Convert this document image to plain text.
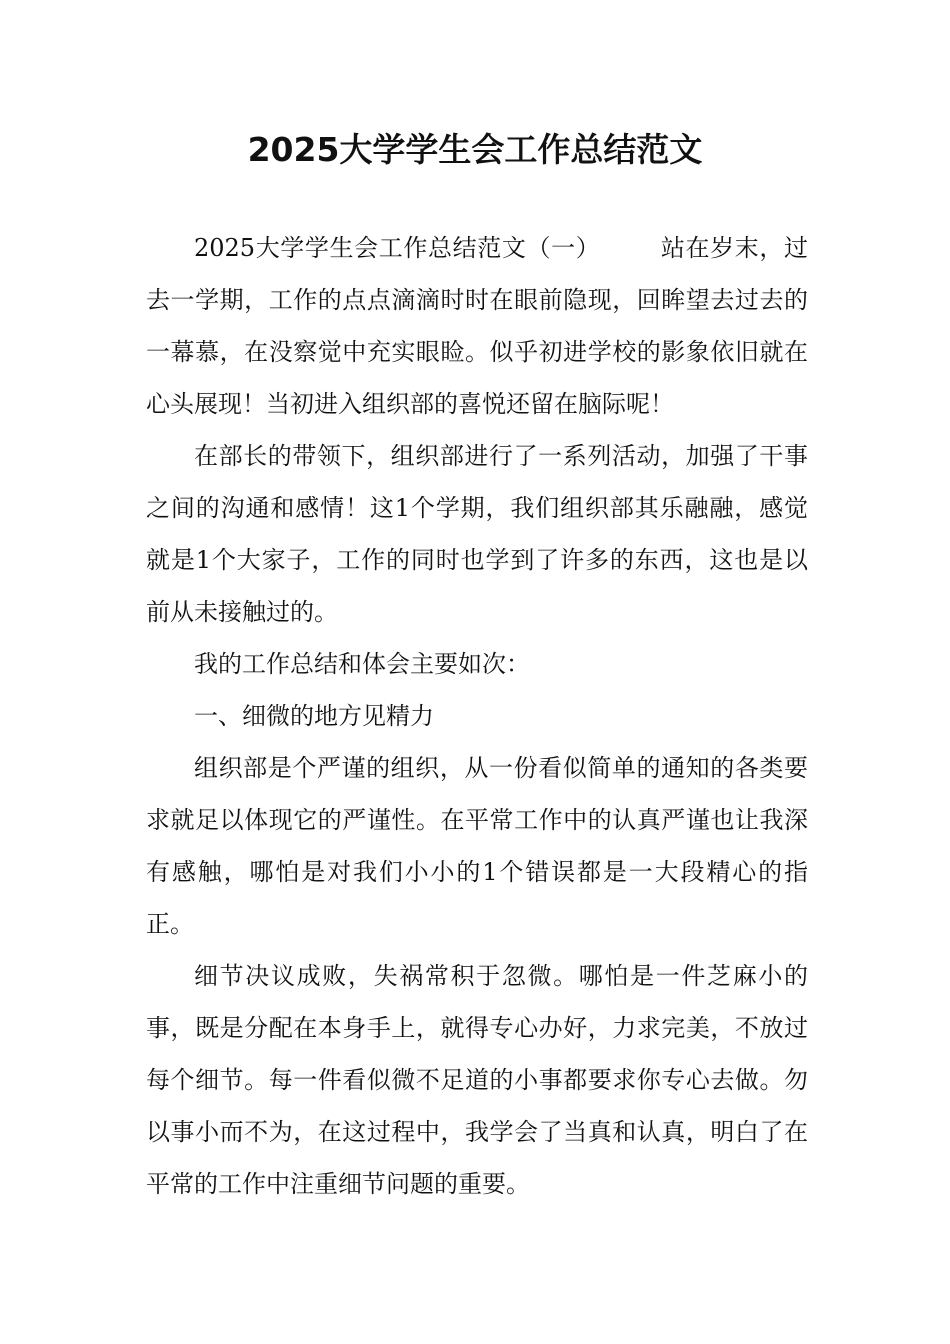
2025大学学生会工作总结范文

2025大学学生会工作总结范文（一）	站在岁末，过去一学期，工作的点点滴滴时时在眼前隐现，回眸望去过去的一幕慕，在没察觉中充实眼睑。似乎初进学校的影象依旧就在心头展现！当初进入组织部的喜悦还留在脑际呢！

在部长的带领下，组织部进行了一系列活动，加强了干事之间的沟通和感情！这1个学期，我们组织部其乐融融，感觉就是1个大家子，工作的同时也学到了许多的东西，这也是以前从未接触过的。

我的工作总结和体会主要如次：

一、细微的地方见精力

组织部是个严谨的组织，从一份看似简单的通知的各类要求就足以体现它的严谨性。在平常工作中的认真严谨也让我深有感触，哪怕是对我们小小的1个错误都是一大段精心的指正。

细节决议成败，失祸常积于忽微。哪怕是一件芝麻小的事，既是分配在本身手上，就得专心办好，力求完美，不放过每个细节。每一件看似微不足道的小事都要求你专心去做。勿以事小而不为，在这过程中，我学会了当真和认真，明白了在平常的工作中注重细节问题的重要。
